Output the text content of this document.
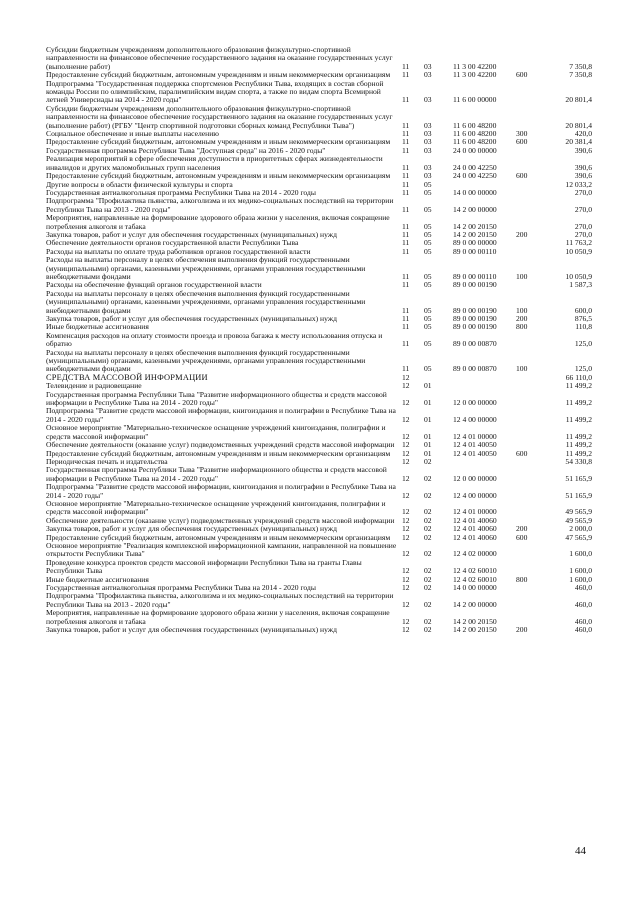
Субсидии бюджетным учреждениям дополнительного образования физкультурно-спортивной направленности на финансовое обеспечение государственного задания на оказание государственных услуг (выполнение работ)	11	03	11 3 00 42200	7 350,8
Предоставление субсидий бюджетным, автономным учреждениям и иным некоммерческим организациям	11	03	11 3 00 42200	600	7 350,8
Подпрограмма "Государственная поддержка спортсменов Республики Тыва, входящих в состав сборной команды России по олимпийским, паралимпийским видам спорта, а также по видам спорта Всемирной летней Универсиады на 2014 - 2020 годы"	11	03	11 6 00 00000	20 801,4
Субсидии бюджетным учреждениям дополнительного образования физкультурно-спортивной направленности на финансовое обеспечение государственного задания на оказание государственных услуг (выполнение работ) (РГБУ "Центр спортивной подготовки сборных команд Республики Тыва")	11	03	11 6 00 48200	20 801,4
Социальное обеспечение и иные выплаты населению	11	03	11 6 00 48200	300	420,0
Предоставление субсидий бюджетным, автономным учреждениям и иным некоммерческим организациям	11	03	11 6 00 48200	600	20 381,4
Государственная программа Республики Тыва "Доступная среда" на 2016 - 2020 годы"	11	03	24 0 00 00000	390,6
Реализация мероприятий в сфере обеспечения доступности в приоритетных сферах жизнедеятельности инвалидов и других маломобильных групп населения	11	03	24 0 00 42250	390,6
Предоставление субсидий бюджетным, автономным учреждениям и иным некоммерческим организациям	11	03	24 0 00 42250	600	390,6
Другие вопросы в области физической культуры и спорта	11	05	12 033,2
Государственная антиалкогольная программа Республики Тыва на 2014 - 2020 годы	11	05	14 0 00 00000	270,0
Подпрограмма "Профилактика пьянства, алкоголизма и их медико-социальных последствий на территории Республики Тыва на 2013 - 2020 годы"	11	05	14 2 00 00000	270,0
Мероприятия, направленные на формирование здорового образа жизни у населения, включая сокращение потребления алкоголя и табака	11	05	14 2 00 20150	270,0
Закупка товаров, работ и услуг для обеспечения государственных (муниципальных) нужд	11	05	14 2 00 20150	200	270,0
Обеспечение деятельности органов государственной власти Республики Тыва	11	05	89 0 00 00000	11 763,2
Расходы на выплаты по оплате труда работников органов государственной власти	11	05	89 0 00 00110	10 050,9
Расходы на выплаты персоналу в целях обеспечения выполнения функций государственными (муниципальными) органами, казенными учреждениями, органами управления государственными внебюджетными фондами	11	05	89 0 00 00110	100	10 050,9
Расходы на обеспечение функций органов государственной власти	11	05	89 0 00 00190	1 587,3
Расходы на выплаты персоналу в целях обеспечения выполнения функций государственными (муниципальными) органами, казенными учреждениями, органами управления государственными внебюджетными фондами	11	05	89 0 00 00190	100	600,0
Закупка товаров, работ и услуг для обеспечения государственных (муниципальных) нужд	11	05	89 0 00 00190	200	876,5
Иные бюджетные ассигнования	11	05	89 0 00 00190	800	110,8
Компенсация расходов на оплату стоимости проезда и провоза багажа к месту использования отпуска и обратно	11	05	89 0 00 00870	125,0
Расходы на выплаты персоналу в целях обеспечения выполнения функций государственными (муниципальными) органами, казенными учреждениями, органами управления государственными внебюджетными фондами	11	05	89 0 00 00870	100	125,0
СРЕДСТВА МАССОВОЙ ИНФОРМАЦИИ	12	66 110,0
Телевидение и радиовещание	12	01	11 499,2
Государственная программа Республики Тыва "Развитие информационного общества и средств массовой информации в Республике Тыва на 2014 - 2020 годы"	12	01	12 0 00 00000	11 499,2
Подпрограмма "Развитие средств массовой информации, книгоиздания и полиграфии в Республике Тыва на 2014 - 2020 годы"	12	01	12 4 00 00000	11 499,2
Основное мероприятие "Материально-техническое оснащение учреждений книгоиздания, полиграфии и средств массовой информации"	12	01	12 4 01 00000	11 499,2
Обеспечение деятельности (оказание услуг) подведомственных учреждений средств массовой информации 12	01	12 4 01 40050	11 499,2
Предоставление субсидий бюджетным, автономным учреждениям и иным некоммерческим организациям	12	01	12 4 01 40050	600	11 499,2
Периодическая печать и издательства	12	02	54 330,8
Государственная программа Республики Тыва "Развитие информационного общества и средств массовой информации в Республике Тыва на 2014 - 2020 годы"	12	02	12 0 00 00000	51 165,9
Подпрограмма "Развитие средств массовой информации, книгоиздания и полиграфии в Республике Тыва на 2014 - 2020 годы"	12	02	12 4 00 00000	51 165,9
Основное мероприятие "Материально-техническое оснащение учреждений книгоиздания, полиграфии и средств массовой информации"	12	02	12 4 01 00000	49 565,9
Обеспечение деятельности (оказание услуг) подведомственных учреждений средств массовой информации 12	02	12 4 01 40060	49 565,9
Закупка товаров, работ и услуг для обеспечения государственных (муниципальных) нужд	12	02	12 4 01 40060	200	2 000,0
Предоставление субсидий бюджетным, автономным учреждениям и иным некоммерческим организациям	12	02	12 4 01 40060	600	47 565,9
Основное мероприятие "Реализация комплексной информационной кампании, направленной на повышение открытости Республики Тыва"	12	02	12 4 02 00000	1 600,0
Проведение конкурса проектов средств массовой информации Республики Тыва на гранты Главы Республики Тыва	12	02	12 4 02 60010	1 600,0
Иные бюджетные ассигнования	12	02	12 4 02 60010	800	1 600,0
Государственная антиалкогольная программа Республики Тыва на 2014 - 2020 годы	12	02	14 0 00 00000	460,0
Подпрограмма "Профилактика пьянства, алкоголизма и их медико-социальных последствий на территории Республики Тыва на 2013 - 2020 годы"	12	02	14 2 00 00000	460,0
Мероприятия, направленные на формирование здорового образа жизни у населения, включая сокращение потребления алкоголя и табака	12	02	14 2 00 20150	460,0
Закупка товаров, работ и услуг для обеспечения государственных (муниципальных) нужд	12	02	14 2 00 20150	200	460,0
44
